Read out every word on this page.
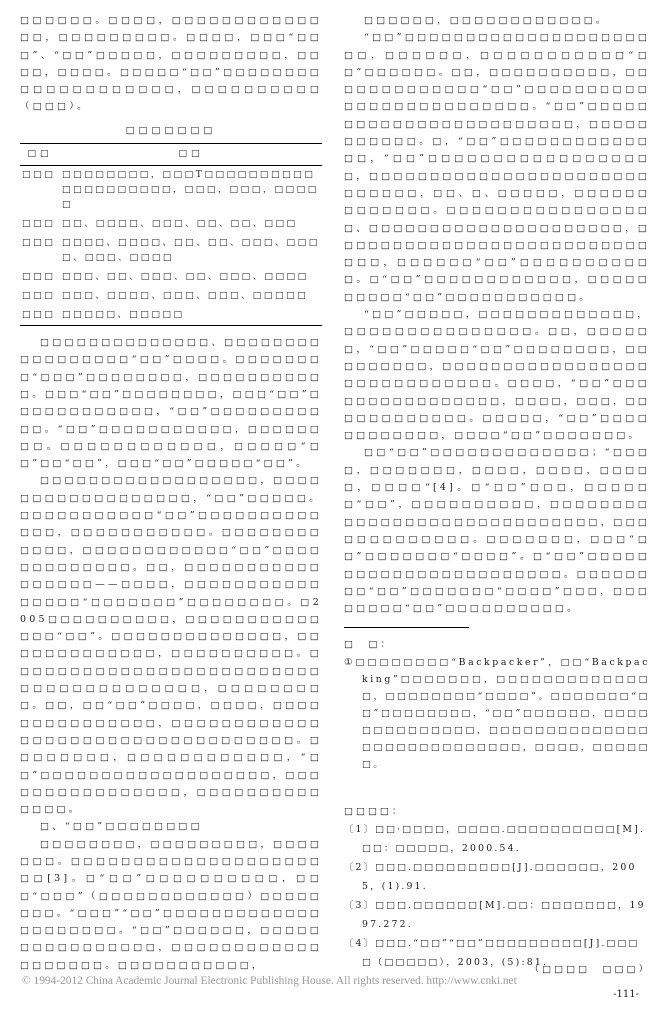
□□□□□□。□□□□，□□□□□□□□□□□□□□，□□□□□□□□□。□□□□，□□□“□□□”、“□□”□□□□□，□□□□□□□□□，□□□□，□□□□。□□□□□“□□”□□□□□□□□□□□□□□□□□□□□，□□□□□□□□□□（□□□）。

□□□□□□□
□□	□□
□□□	□□□□□□□□，□□□T□□□□□□□□□□□□□□□□□□□□，□□□，□□□，□□□□□
□□□	□□、□□□□、□□□、□□、□□、□□□
□□□	□□□□、□□□□、□□、□□、□□□、□□□□、□□□、□□□□
□□□	□□□、□□、□□□、□□、□□□、□□□□
□□□	□□□、□□□□、□□□、□□□、□□□□□
□□□	□□□□□、□□□□□

□□□□□□□□□□□□□□、□□□□□□□□□□□□□□□□□“□□”□□□□。□□□□□□□□“□□□”□□□□□□□□，□□□□□□□□□□□。□□□“□□”□□□□□□□□，□□□“□□”□□□□□□□□□□□□，“□□”□□□□□□□□□□□。“□□”□□□□□□□□□□□，□□□□□□□□。□□□□□□□□□□□□，□□□□□“□□”□□“□□”，□□□“□□”□□□□□“□□”。

□□□□□□□□□□□□□□□□□□，□□□□□□□□□□□□□□□□□□，“□□”□□□□□。□□□□□□□□□□□“□□”□□□□□□□□□□□□□，□□□□□□□□□□□。□□□□□□□□□□□□，□□□□□□□□□□□□“□□”□□□□□□□□□□□□□。□□，□□□□□□□□□□□□□□□□□——□□□□，□□□□□□□□□□□□□□□□“□□□□□□□”□□□□□□□□。□2005□□□□□□□□□□，□□□□□□□□□□□□□□“□□”。□□□□□□□□□□□□□□，□□□□□□□□□□□□□，□□□□□□□□□□。□□□□□□□□□□□□□□□□□□□□□□□□□□□□□□□□□□□□□□□，□□□□□□□□□。□□，□□“□□”□□□□，□□□□，□□□□□□□□□□□□□□□，□□□□□□□□□□□□□□□□□□□□□□□□□□□□□□□□□□。□□□□□□□□，□□□□□□□□□□□□，“□□”□□□□□□□□□□□□□□□□□□□，□□□□□□□□□□□□□□□□，□□□□□□□□□□□□□□。

□、“□□”□□□□□□□□

□□□□□□□□，□□□□□□□□□，□□□□□□□。□□□□□□□□□□□□□□□□□□□□□□[3]。□“□□”□□□□□□□□□□，□□□“□□□”（□□□□□□□□□□□□）□□□□□□□□。“□□□”“□□”□□□□□□□□□□□□□□□□□□□□□。“□□”□□□□□□，□□□□□□□□□□□□□□□□，□□□□□□□□□□□□□□□□□□□。□□□□□□□□□□□，

□□□□□□，□□□□□□□□□□□□。

“□□”□□□□□□□□□□□□□□□□□□□□□□，□□□□□□，□□□□□□□□□□□“□□”□□□□□□。□□，□□□□□□□□□□，□□□□□□□□□□□□□“□□”□□□□□□□□□□□□□□□□□□□□□□□□□。“□□”□□□□□□□□□□□□□□□□□□□□□□□□，□□□□□□□□□□□。□，“□□”□□□□□□□□□□□□□□，“□□”□□□□□□□□□□□□□□□□□□，□□□□□□□□□□□□□□□□□□□□□□□□□□□□□，□□、□、□□□□□，□□□□□□□□□□□□□。□□□□□□□□□□□□□□□□□、□□□□□□□□□□□□□□□□□□□□□，□□□□□□□□□□□□□□□□□□□□□□□□□□□□□，□□□□□□“□□”□□□□□□□□□□□。□“□□”□□□□□□□□□□□□，□□□□□□□□□□“□□”□□□□□□□□□□□。

“□□”□□□□□，□□□□□□□□□□□□□，□□□□□□□□□□□□□□□。□□，□□□□□□，“□□”□□□□□“□□”□□□□□□□□，□□□□□□□□□，□□□□□□□□□□□□□□□□□□□□□□□□□□□□□。□□□□，“□□”□□□□□□□□□□□□□□□□，□□□□，□□□，□□□□□□□□□□□□。□□□□□，“□□”□□□□□□□□□□□□，□□□□“□□”□□□□□□□。

□□“□□”□□□□□□□□□□□□□；“□□□□，□□□□□□□，□□□□，□□□□，□□□□□，□□□□“[4]。□“□□”□□□，□□□□□□“□□”，□□□□□□□□□□，□□□□□□□□□□□□□□□□□□□□□□□□□□□□□，□□□□□□□□□□□□□。□□□□□□□，□□□“□□”□□□□□□□“□□□□”。□“□□”□□□□□□□□□□□□□□□□□□□□□□□。□□□□□□□□“□□”□□□□□□□“□□□□”□□□，□□□□□□□□“□□”□□□□□□□□□□。

□　□：

①□□□□□□□□“Backpacker”，□□“Backpacking”□□□□□□□，□□□□□□□□□□□□□□，□□□□□□□□“□□□□”。□□□□□□□“□□”□□□□□□□□，“□□”□□□□□□，□□□□□□□□□□□□□□，□□□□□□□□□□□□□□□□□□□□□□□□□□□□，□□□□，□□□□□□。

□□□□：

〔1〕□□·□□□□，□□□□.□□□□□□□□□□[M].□□：□□□□□，2000.54.

〔2〕□□□.□□□□□□□□□[J].□□□□□□，2005，(1).91.

〔3〕□□□.□□□□□□[M].□□：□□□□□□□，1997.272.

〔4〕□□□.“□□”“□□”□□□□□□□□□[J].□□□□（□□□□□），2003，(5):81.

（□□□□　□□□）
© 1994-2012 China Academic Journal Electronic Publishing House. All rights reserved. http://www.cnki.net
-111-
